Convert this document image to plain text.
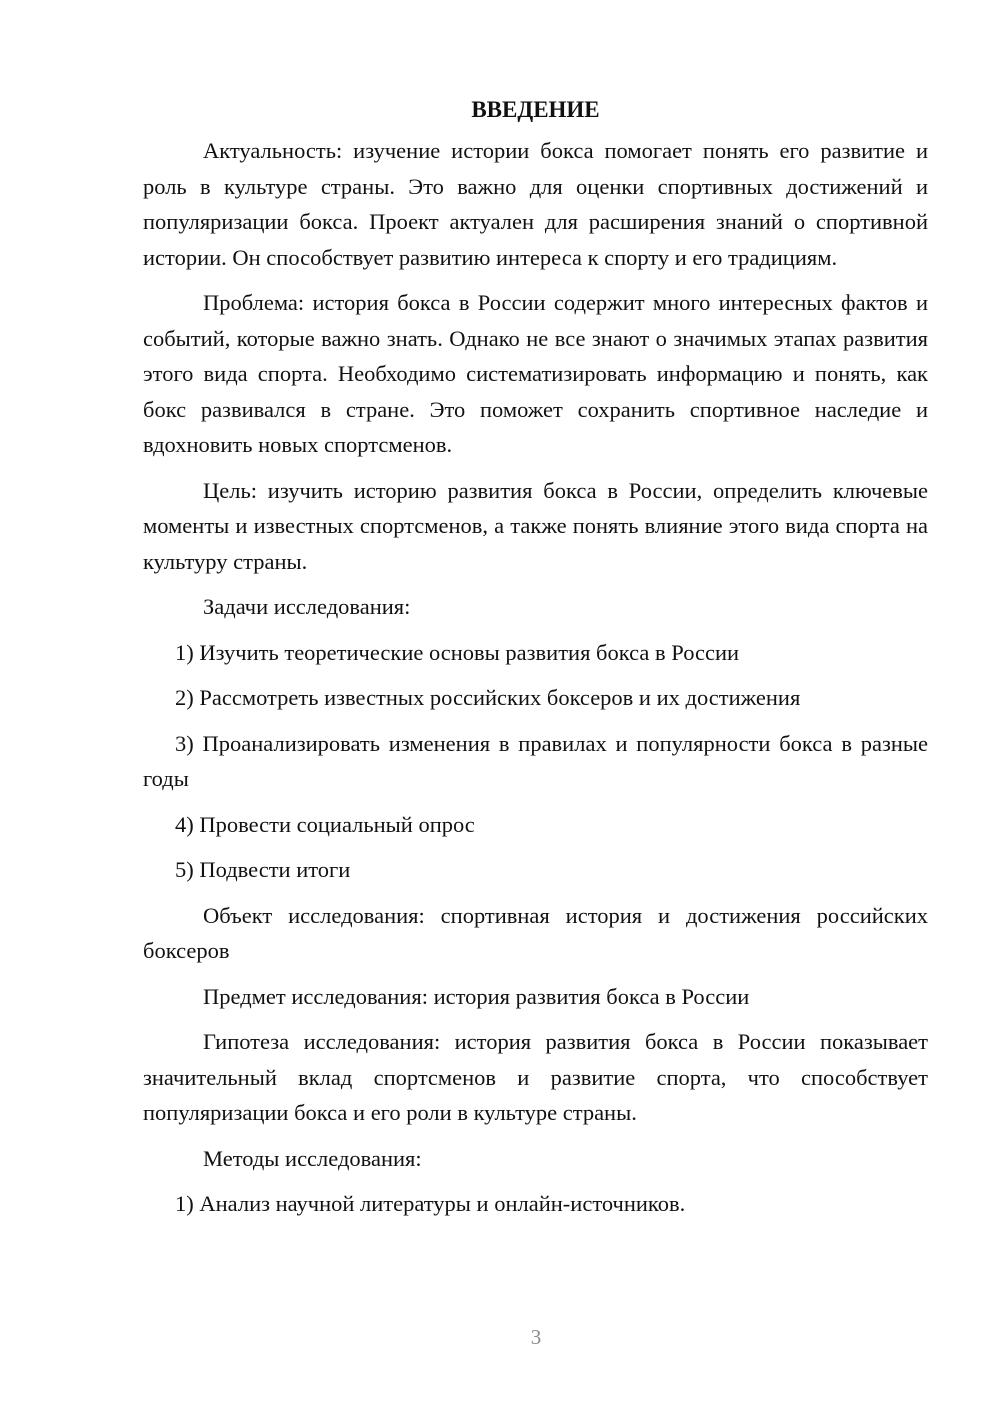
ВВЕДЕНИЕ

Актуальность: изучение истории бокса помогает понять его развитие и роль в культуре страны. Это важно для оценки спортивных достижений и популяризации бокса. Проект актуален для расширения знаний о спортивной истории. Он способствует развитию интереса к спорту и его традициям.

Проблема: история бокса в России содержит много интересных фактов и событий, которые важно знать. Однако не все знают о значимых этапах развития этого вида спорта. Необходимо систематизировать информацию и понять, как бокс развивался в стране. Это поможет сохранить спортивное наследие и вдохновить новых спортсменов.

Цель: изучить историю развития бокса в России, определить ключевые моменты и известных спортсменов, а также понять влияние этого вида спорта на культуру страны.

Задачи исследования:

1) Изучить теоретические основы развития бокса в России

2) Рассмотреть известных российских боксеров и их достижения

3) Проанализировать изменения в правилах и популярности бокса в разные годы

4) Провести социальный опрос

5) Подвести итоги

Объект исследования: спортивная история и достижения российских боксеров

Предмет исследования: история развития бокса в России

Гипотеза исследования: история развития бокса в России показывает значительный вклад спортсменов и развитие спорта, что способствует популяризации бокса и его роли в культуре страны.

Методы исследования:

1) Анализ научной литературы и онлайн-источников.

3
